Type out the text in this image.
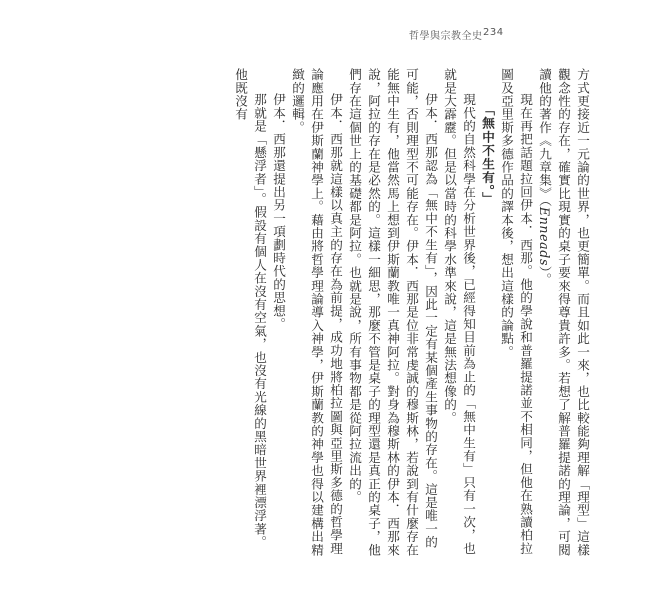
哲學與宗教全史 234

方式更接近一元論的世界，也更簡單。而且如此一來，也比較能夠理解「理型」這樣觀念性的存在，確實比現實的桌子要來得尊貴許多。若想了解普羅提諾的理論，可閱讀他的著作《九章集》（Enneads）。

現在再把話題拉回伊本．西那。他的學說和普羅提諾並不相同，但他在熟讀柏拉圖及亞里斯多德作品的譯本後，想出這樣的論點。

「無中不生有。」

現代的自然科學在分析世界後，已經得知目前為止的「無中生有」只有一次，也就是大霹靂。但是以當時的科學水準來說，這是無法想像的。

伊本．西那認為「無中不生有」，因此一定有某個產生事物的存在。這是唯一的可能，否則理型不可能存在。伊本．西那是位非常虔誠的穆斯林，若說到有什麼存在能無中生有，他當然馬上想到伊斯蘭教唯一真神阿拉。對身為穆斯林的伊本．西那來說，阿拉的存在是必然的。這樣一細思，那麼不管是桌子的理型還是真正的桌子，他們存在這個世上的基礎都是阿拉。也就是說，所有事物都是從阿拉流出的。

伊本．西那就這樣以真主的存在為前提，成功地將柏拉圖與亞里斯多德的哲學理論應用在伊斯蘭神學上。藉由將哲學理論導入神學，伊斯蘭教的神學也得以建構出精緻的邏輯。

伊本．西那還提出另一項劃時代的思想。

那就是「懸浮者」。假設有個人在沒有空氣，也沒有光線的黑暗世界裡漂浮著。他既沒有
